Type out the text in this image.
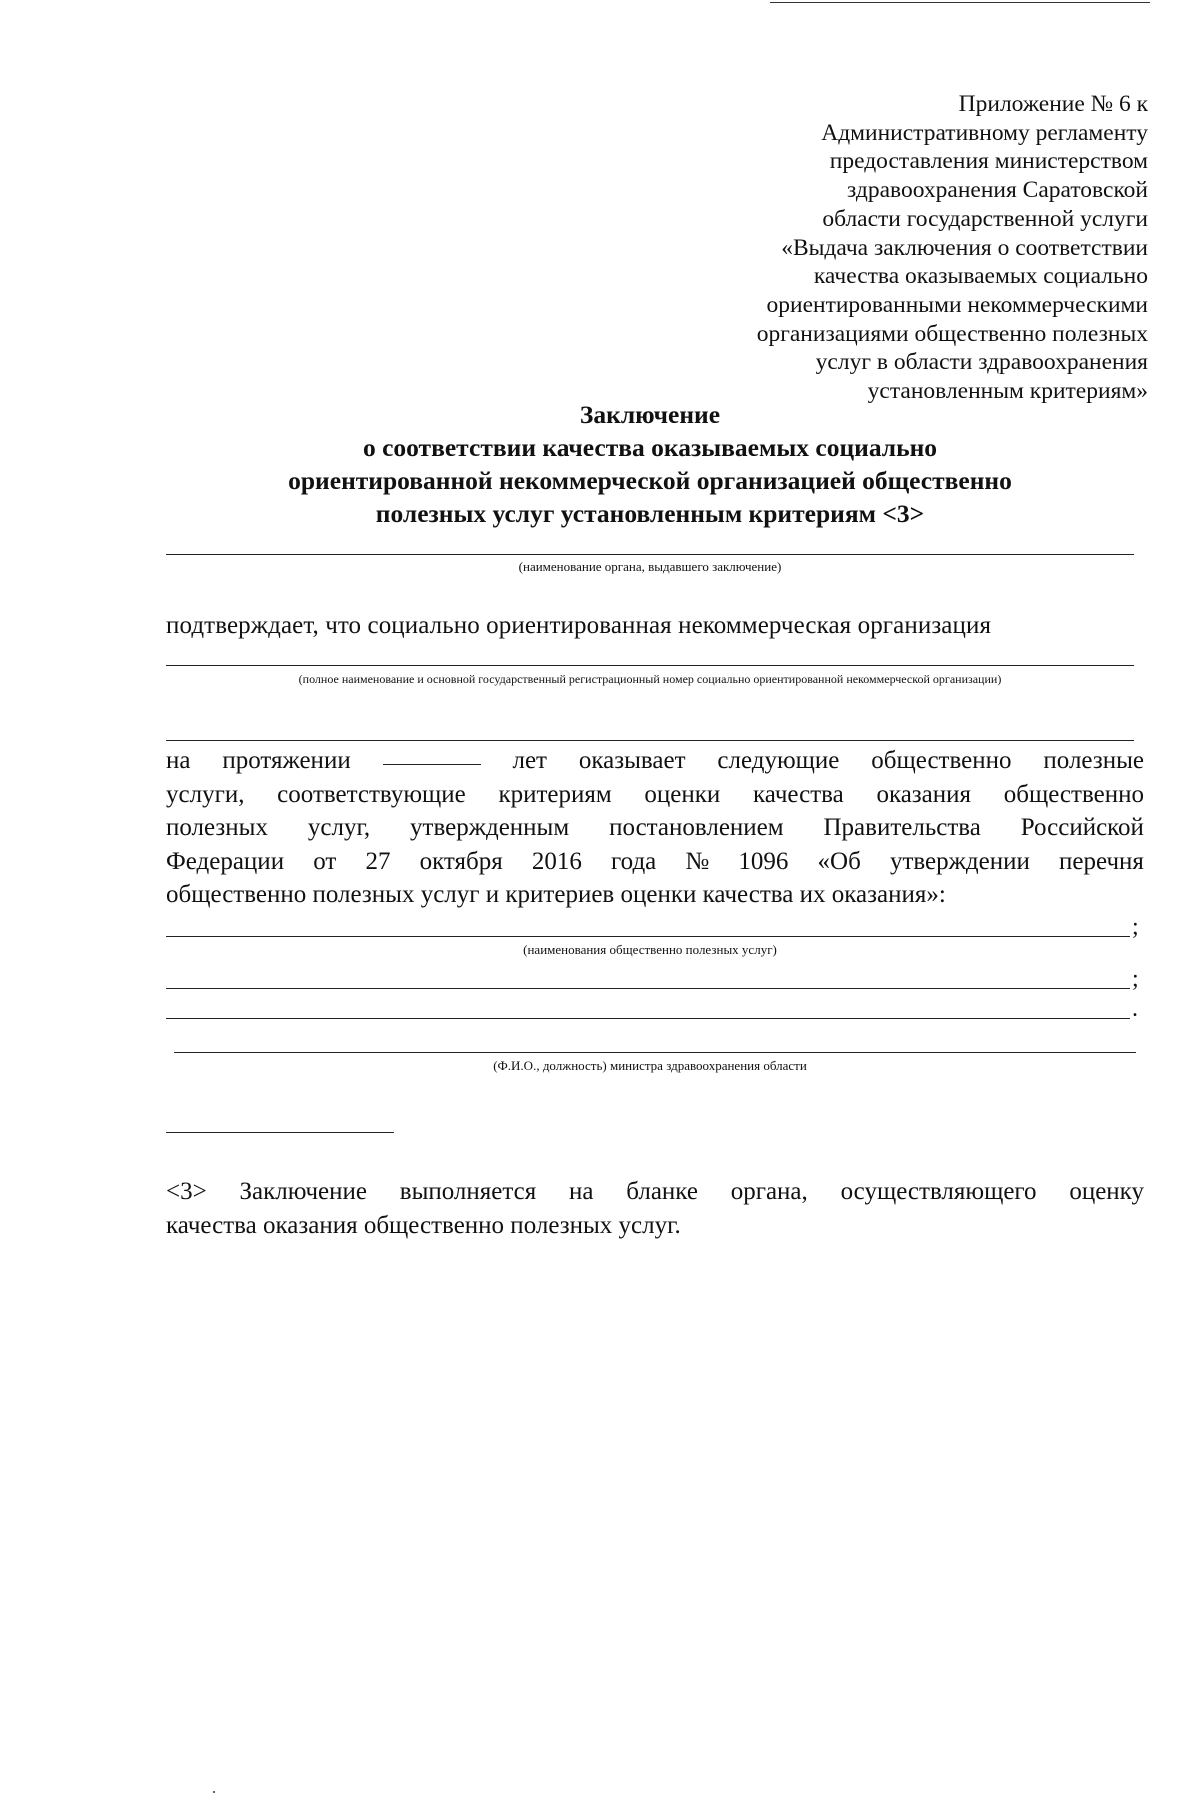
Приложение № 6 к
Административному регламенту
предоставления министерством
здравоохранения Саратовской
области государственной услуги
«Выдача заключения о соответствии
качества оказываемых социально
ориентированными некоммерческими
организациями общественно полезных
услуг в области здравоохранения
установленным критериям»
Заключение
о соответствии качества оказываемых социально
ориентированной некоммерческой организацией общественно
полезных услуг установленным критериям <3>
(наименование органа, выдавшего заключение)
подтверждает, что социально ориентированная некоммерческая организация
(полное наименование и основной государственный регистрационный номер социально ориентированной некоммерческой организации)
на протяжении	лет оказывает следующие общественно полезные
услуги, соответствующие критериям оценки качества оказания общественно
полезных услуг, утвержденным постановлением Правительства Российской
Федерации от 27 октября 2016 года № 1096 «Об утверждении перечня
общественно полезных услуг и критериев оценки качества их оказания»:
;
(наименования общественно полезных услуг)
;
.
(Ф.И.О., должность) министра здравоохранения области
<3> Заключение выполняется на бланке органа, осуществляющего оценку
качества оказания общественно полезных услуг.
